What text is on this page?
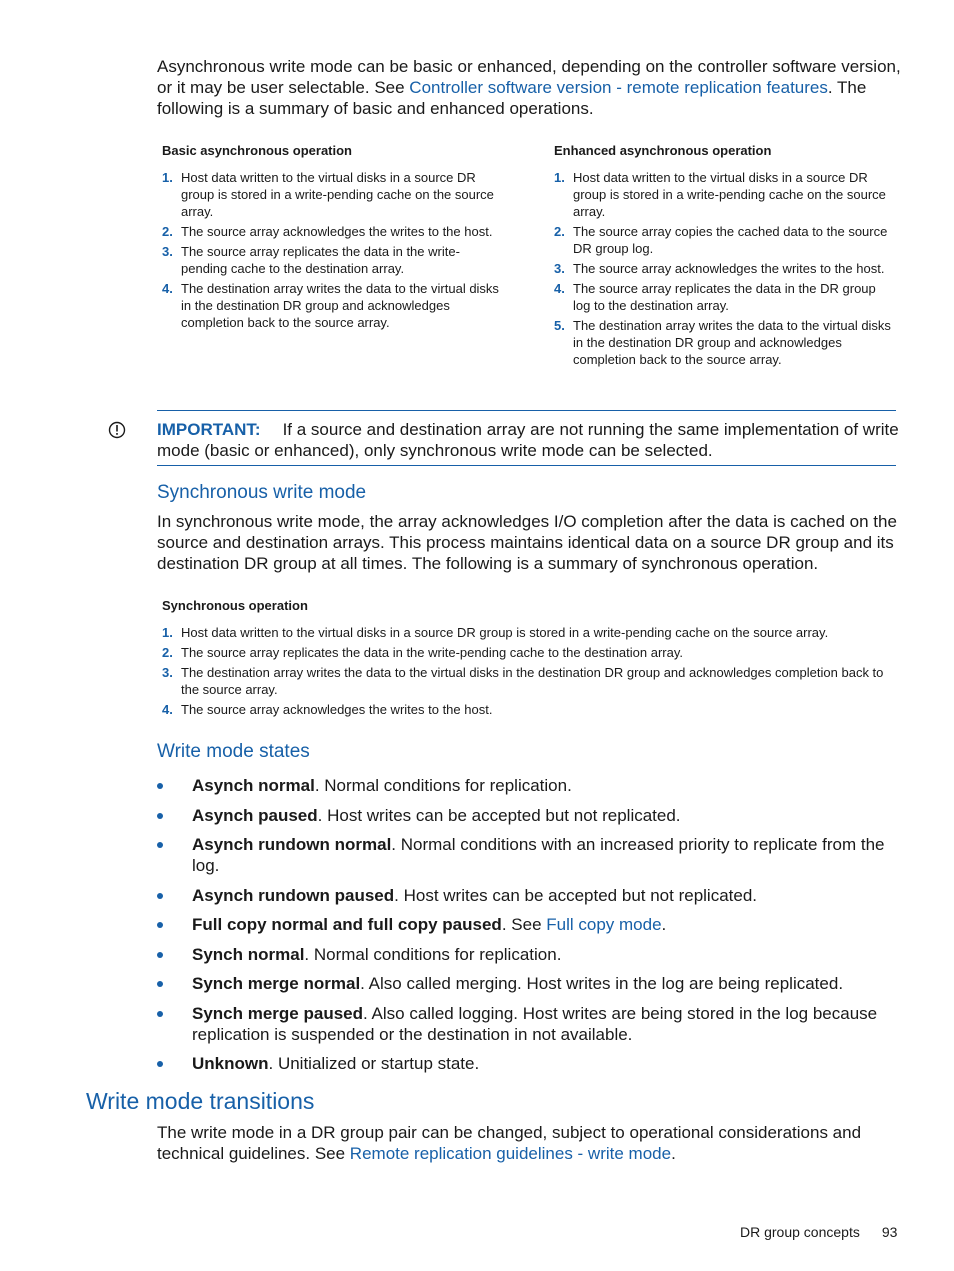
Asynchronous write mode can be basic or enhanced, depending on the controller software version, or it may be user selectable. See Controller software version - remote replication features. The following is a summary of basic and enhanced operations.
Basic asynchronous operation
1. Host data written to the virtual disks in a source DR group is stored in a write-pending cache on the source array.
2. The source array acknowledges the writes to the host.
3. The source array replicates the data in the write-pending cache to the destination array.
4. The destination array writes the data to the virtual disks in the destination DR group and acknowledges completion back to the source array.
Enhanced asynchronous operation
1. Host data written to the virtual disks in a source DR group is stored in a write-pending cache on the source array.
2. The source array copies the cached data to the source DR group log.
3. The source array acknowledges the writes to the host.
4. The source array replicates the data in the DR group log to the destination array.
5. The destination array writes the data to the virtual disks in the destination DR group and acknowledges completion back to the source array.
IMPORTANT: If a source and destination array are not running the same implementation of write mode (basic or enhanced), only synchronous write mode can be selected.
Synchronous write mode
In synchronous write mode, the array acknowledges I/O completion after the data is cached on the source and destination arrays. This process maintains identical data on a source DR group and its destination DR group at all times. The following is a summary of synchronous operation.
Synchronous operation
1. Host data written to the virtual disks in a source DR group is stored in a write-pending cache on the source array.
2. The source array replicates the data in the write-pending cache to the destination array.
3. The destination array writes the data to the virtual disks in the destination DR group and acknowledges completion back to the source array.
4. The source array acknowledges the writes to the host.
Write mode states
Asynch normal. Normal conditions for replication.
Asynch paused. Host writes can be accepted but not replicated.
Asynch rundown normal. Normal conditions with an increased priority to replicate from the log.
Asynch rundown paused. Host writes can be accepted but not replicated.
Full copy normal and full copy paused. See Full copy mode.
Synch normal. Normal conditions for replication.
Synch merge normal. Also called merging. Host writes in the log are being replicated.
Synch merge paused. Also called logging. Host writes are being stored in the log because replication is suspended or the destination in not available.
Unknown. Unitialized or startup state.
Write mode transitions
The write mode in a DR group pair can be changed, subject to operational considerations and technical guidelines. See Remote replication guidelines - write mode.
DR group concepts 93
